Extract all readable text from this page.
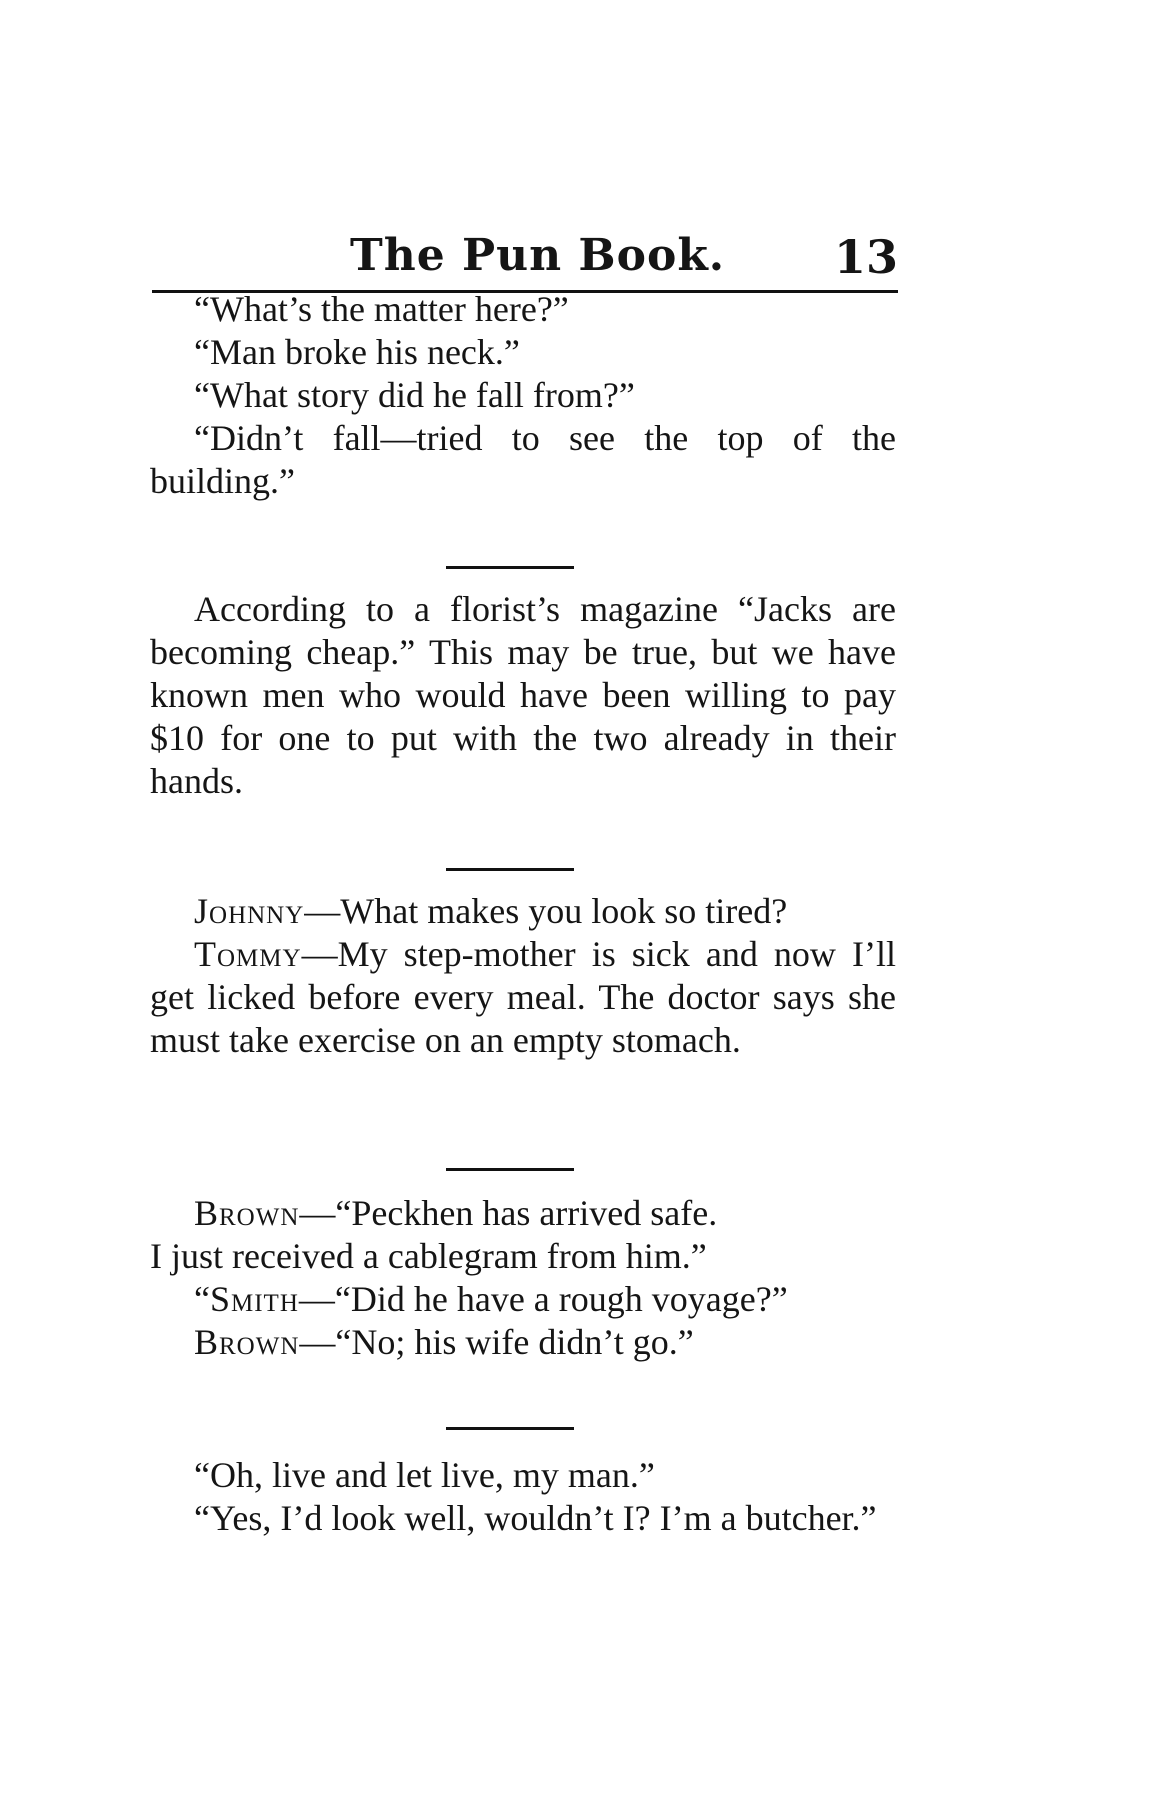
The Pun Book. 13

“What’s the matter here?”

“Man broke his neck.”

“What story did he fall from?”

“Didn’t fall—tried to see the top of the building.”

According to a florist’s magazine “Jacks are becoming cheap.” This may be true, but we have known men who would have been willing to pay $10 for one to put with the two already in their hands.

Johnny—What makes you look so tired?

Tommy—My step-mother is sick and now I’ll get licked before every meal. The doctor says she must take exercise on an empty stomach.

Brown—“Peckhen has arrived safe.

I just received a cablegram from him.”

“Smith—“Did he have a rough voyage?”

Brown—“No; his wife didn’t go.”

“Oh, live and let live, my man.”

“Yes, I’d look well, wouldn’t I? I’m a butcher.”
